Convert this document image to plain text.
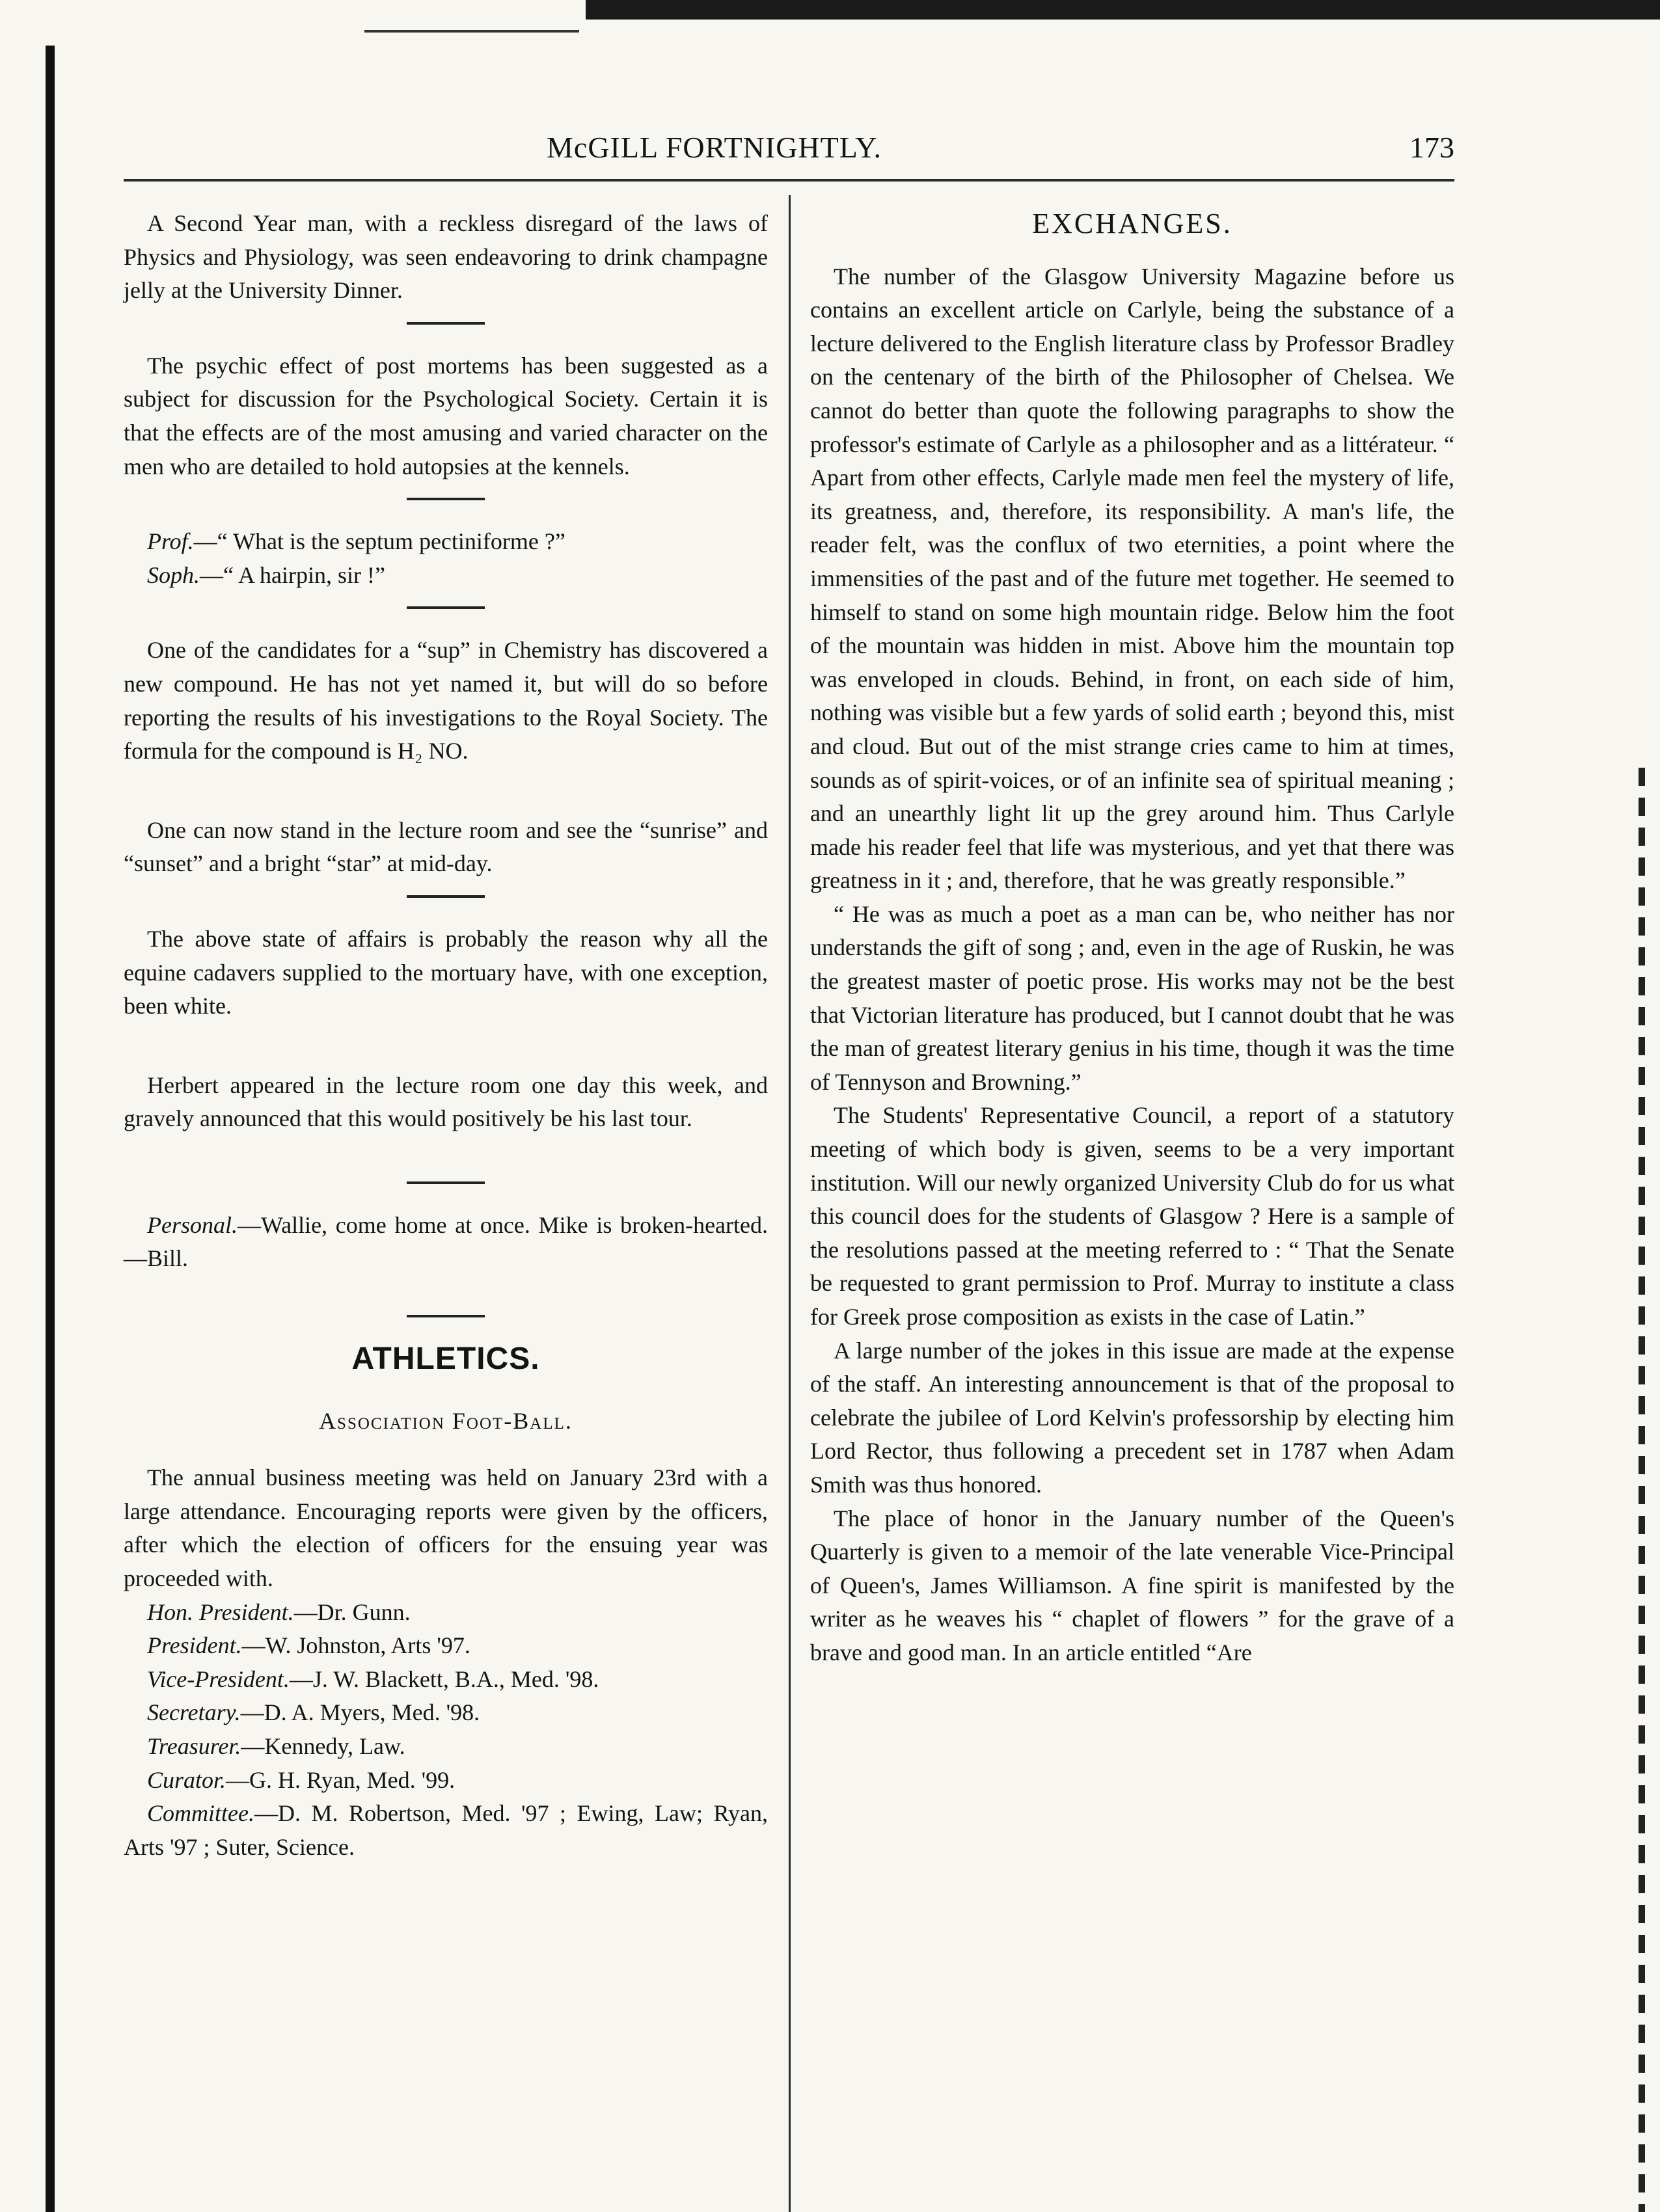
McGILL FORTNIGHTLY.	173

A Second Year man, with a reckless disregard of the laws of Physics and Physiology, was seen endeavoring to drink champagne jelly at the University Dinner.

The psychic effect of post mortems has been suggested as a subject for discussion for the Psychological Society. Certain it is that the effects are of the most amusing and varied character on the men who are detailed to hold autopsies at the kennels.

Prof.—“ What is the septum pectiniforme ?”

Soph.—“ A hairpin, sir !”

One of the candidates for a “sup” in Chemistry has discovered a new compound. He has not yet named it, but will do so before reporting the results of his investigations to the Royal Society. The formula for the compound is H₂ NO.

One can now stand in the lecture room and see the “sunrise” and “sunset” and a bright “star” at mid-day.

The above state of affairs is probably the reason why all the equine cadavers supplied to the mortuary have, with one exception, been white.

Herbert appeared in the lecture room one day this week, and gravely announced that this would positively be his last tour.

Personal.—Wallie, come home at once. Mike is broken-hearted.—Bill.

ATHLETICS.
Association Foot-Ball.

The annual business meeting was held on January 23rd with a large attendance. Encouraging reports were given by the officers, after which the election of officers for the ensuing year was proceeded with.

Hon. President.—Dr. Gunn.

President.—W. Johnston, Arts '97.

Vice-President.—J. W. Blackett, B.A., Med. '98.

Secretary.—D. A. Myers, Med. '98.

Treasurer.—Kennedy, Law.

Curator.—G. H. Ryan, Med. '99.

Committee.—D. M. Robertson, Med. '97 ; Ewing, Law; Ryan, Arts '97 ; Suter, Science.

EXCHANGES.

The number of the Glasgow University Magazine before us contains an excellent article on Carlyle, being the substance of a lecture delivered to the English literature class by Professor Bradley on the centenary of the birth of the Philosopher of Chelsea. We cannot do better than quote the following paragraphs to show the professor's estimate of Carlyle as a philosopher and as a littérateur. “ Apart from other effects, Carlyle made men feel the mystery of life, its greatness, and, therefore, its responsibility. A man's life, the reader felt, was the conflux of two eternities, a point where the immensities of the past and of the future met together. He seemed to himself to stand on some high mountain ridge. Below him the foot of the mountain was hidden in mist. Above him the mountain top was enveloped in clouds. Behind, in front, on each side of him, nothing was visible but a few yards of solid earth ; beyond this, mist and cloud. But out of the mist strange cries came to him at times, sounds as of spirit-voices, or of an infinite sea of spiritual meaning ; and an unearthly light lit up the grey around him. Thus Carlyle made his reader feel that life was mysterious, and yet that there was greatness in it ; and, therefore, that he was greatly responsible.”

“ He was as much a poet as a man can be, who neither has nor understands the gift of song ; and, even in the age of Ruskin, he was the greatest master of poetic prose. His works may not be the best that Victorian literature has produced, but I cannot doubt that he was the man of greatest literary genius in his time, though it was the time of Tennyson and Browning.”

The Students' Representative Council, a report of a statutory meeting of which body is given, seems to be a very important institution. Will our newly organized University Club do for us what this council does for the students of Glasgow ? Here is a sample of the resolutions passed at the meeting referred to : “ That the Senate be requested to grant permission to Prof. Murray to institute a class for Greek prose composition as exists in the case of Latin.”

A large number of the jokes in this issue are made at the expense of the staff. An interesting announcement is that of the proposal to celebrate the jubilee of Lord Kelvin's professorship by electing him Lord Rector, thus following a precedent set in 1787 when Adam Smith was thus honored.

The place of honor in the January number of the Queen's Quarterly is given to a memoir of the late venerable Vice-Principal of Queen's, James Williamson. A fine spirit is manifested by the writer as he weaves his “ chaplet of flowers ” for the grave of a brave and good man. In an article entitled “Are
